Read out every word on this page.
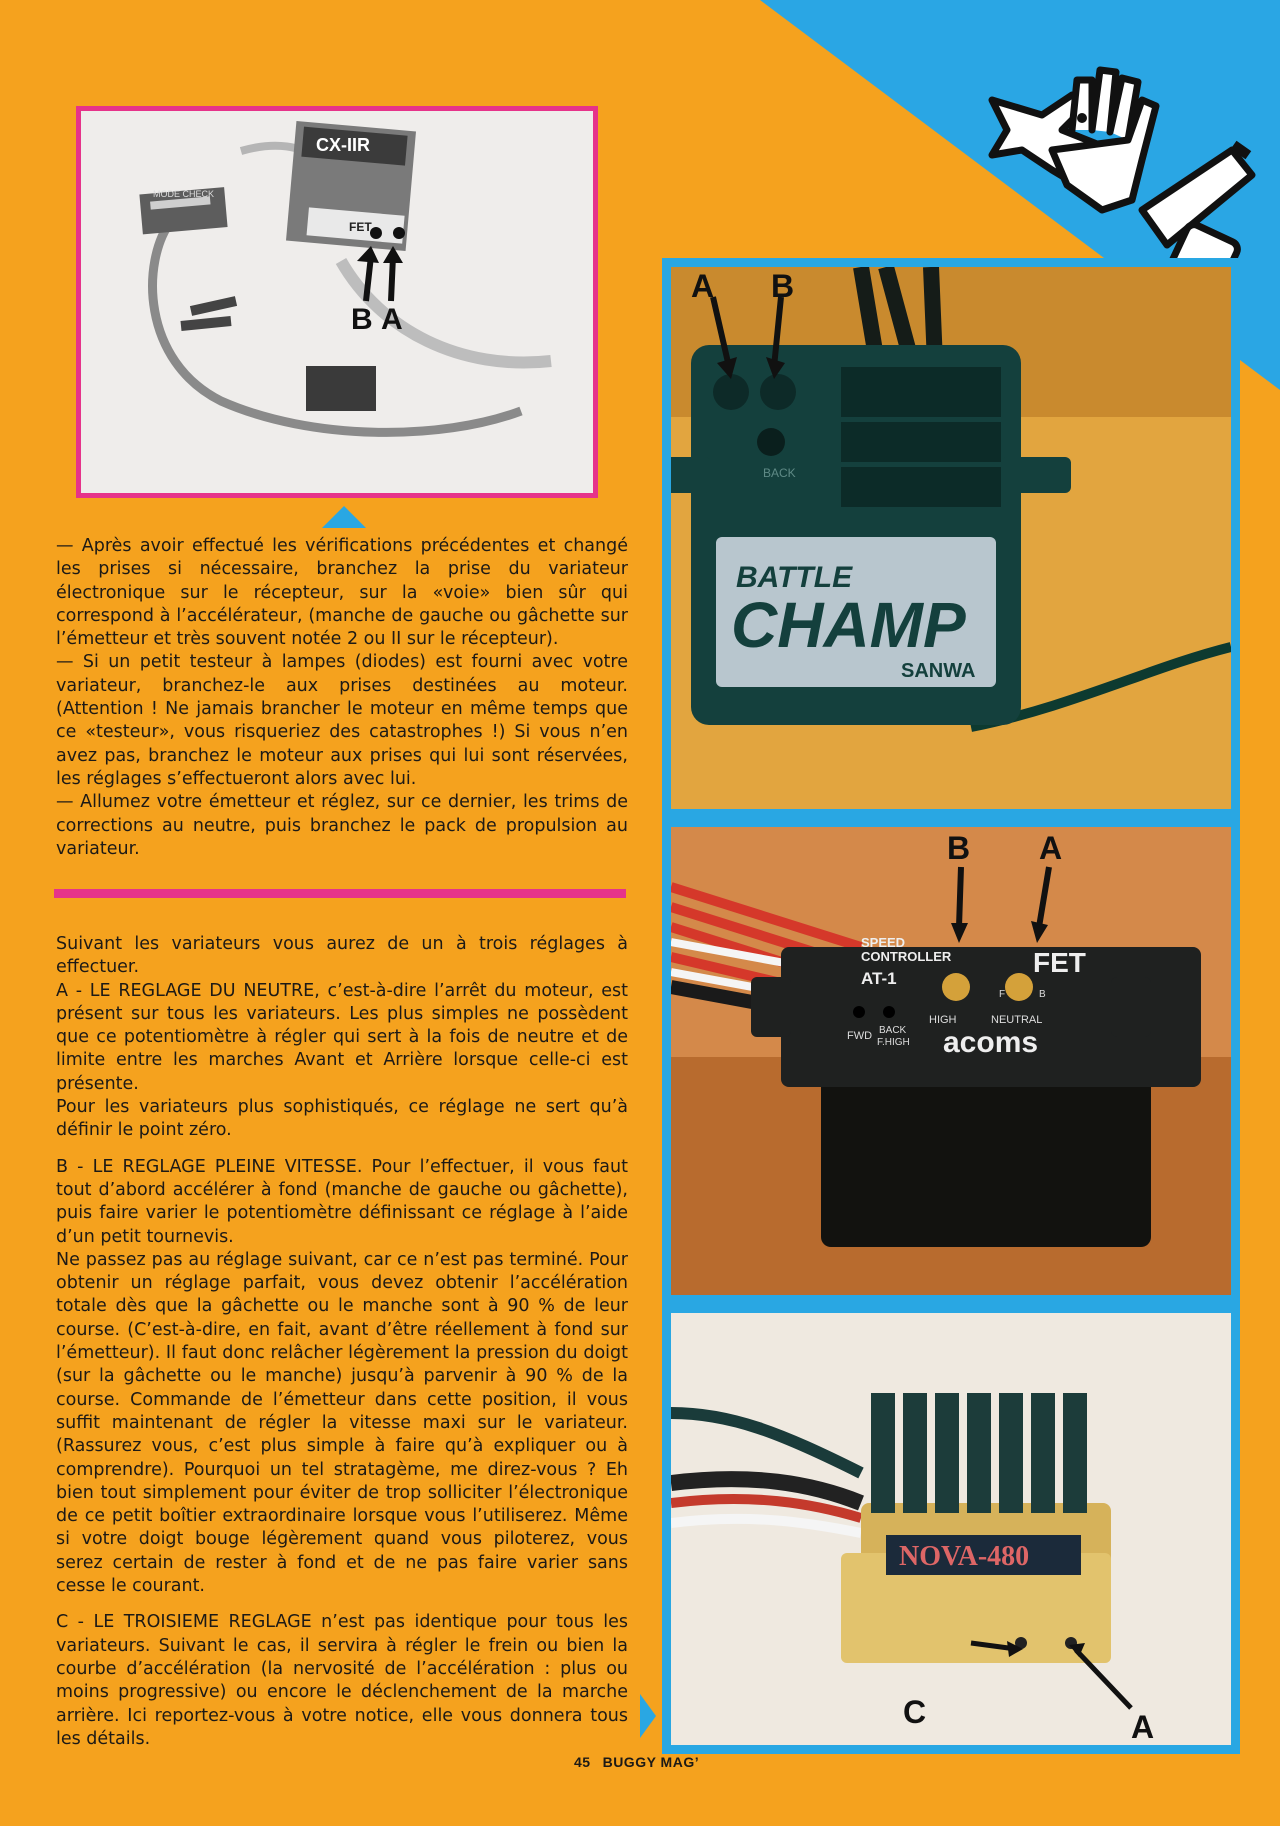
CX-IIR
FET
MODE CHECK
B A
BATTLE
CHAMP
SANWA
BACK
A B
SPEED
CONTROLLER
AT-1
FET
HIGH	NEUTRAL
F	B
FWD BACK
F.HIGH acoms
B A
NOVA-480
C	A

— Après avoir effectué les vérifications précédentes et changé les prises si nécessaire, branchez la prise du variateur électronique sur le récepteur, sur la «voie» bien sûr qui correspond à l’accélérateur, (manche de gauche ou gâchette sur l’émetteur et très souvent notée 2 ou II sur le récepteur).

— Si un petit testeur à lampes (diodes) est fourni avec votre variateur, branchez-le aux prises destinées au moteur. (Attention ! Ne jamais brancher le moteur en même temps que ce «testeur», vous risqueriez des catastrophes !) Si vous n’en avez pas, branchez le moteur aux prises qui lui sont réservées, les réglages s’effectueront alors avec lui.

— Allumez votre émetteur et réglez, sur ce dernier, les trims de corrections au neutre, puis branchez le pack de propulsion au variateur.

Suivant les variateurs vous aurez de un à trois réglages à effectuer.

A - LE REGLAGE DU NEUTRE, c’est-à-dire l’arrêt du moteur, est présent sur tous les variateurs. Les plus simples ne possèdent que ce potentiomètre à régler qui sert à la fois de neutre et de limite entre les marches Avant et Arrière lorsque celle-ci est présente.

Pour les variateurs plus sophistiqués, ce réglage ne sert qu’à définir le point zéro.

B - LE REGLAGE PLEINE VITESSE. Pour l’effectuer, il vous faut tout d’abord accélérer à fond (manche de gauche ou gâchette), puis faire varier le potentiomètre définissant ce réglage à l’aide d’un petit tournevis.

Ne passez pas au réglage suivant, car ce n’est pas terminé. Pour obtenir un réglage parfait, vous devez obtenir l’accélération totale dès que la gâchette ou le manche sont à 90 % de leur course. (C’est-à-dire, en fait, avant d’être réellement à fond sur l’émetteur). Il faut donc relâcher légèrement la pression du doigt (sur la gâchette ou le manche) jusqu’à parvenir à 90 % de la course. Commande de l’émetteur dans cette position, il vous suffit maintenant de régler la vitesse maxi sur le variateur. (Rassurez vous, c’est plus simple à faire qu’à expliquer ou à comprendre). Pourquoi un tel stratagème, me direz-vous ? Eh bien tout simplement pour éviter de trop solliciter l’électronique de ce petit boîtier extraordinaire lorsque vous l’utiliserez. Même si votre doigt bouge légèrement quand vous piloterez, vous serez certain de rester à fond et de ne pas faire varier sans cesse le courant.

C - LE TROISIEME REGLAGE n’est pas identique pour tous les variateurs. Suivant le cas, il servira à régler le frein ou bien la courbe d’accélération (la nervosité de l’accélération : plus ou moins progressive) ou encore le déclenchement de la marche arrière. Ici reportez-vous à votre notice, elle vous donnera tous les détails.

45 BUGGY MAG’
